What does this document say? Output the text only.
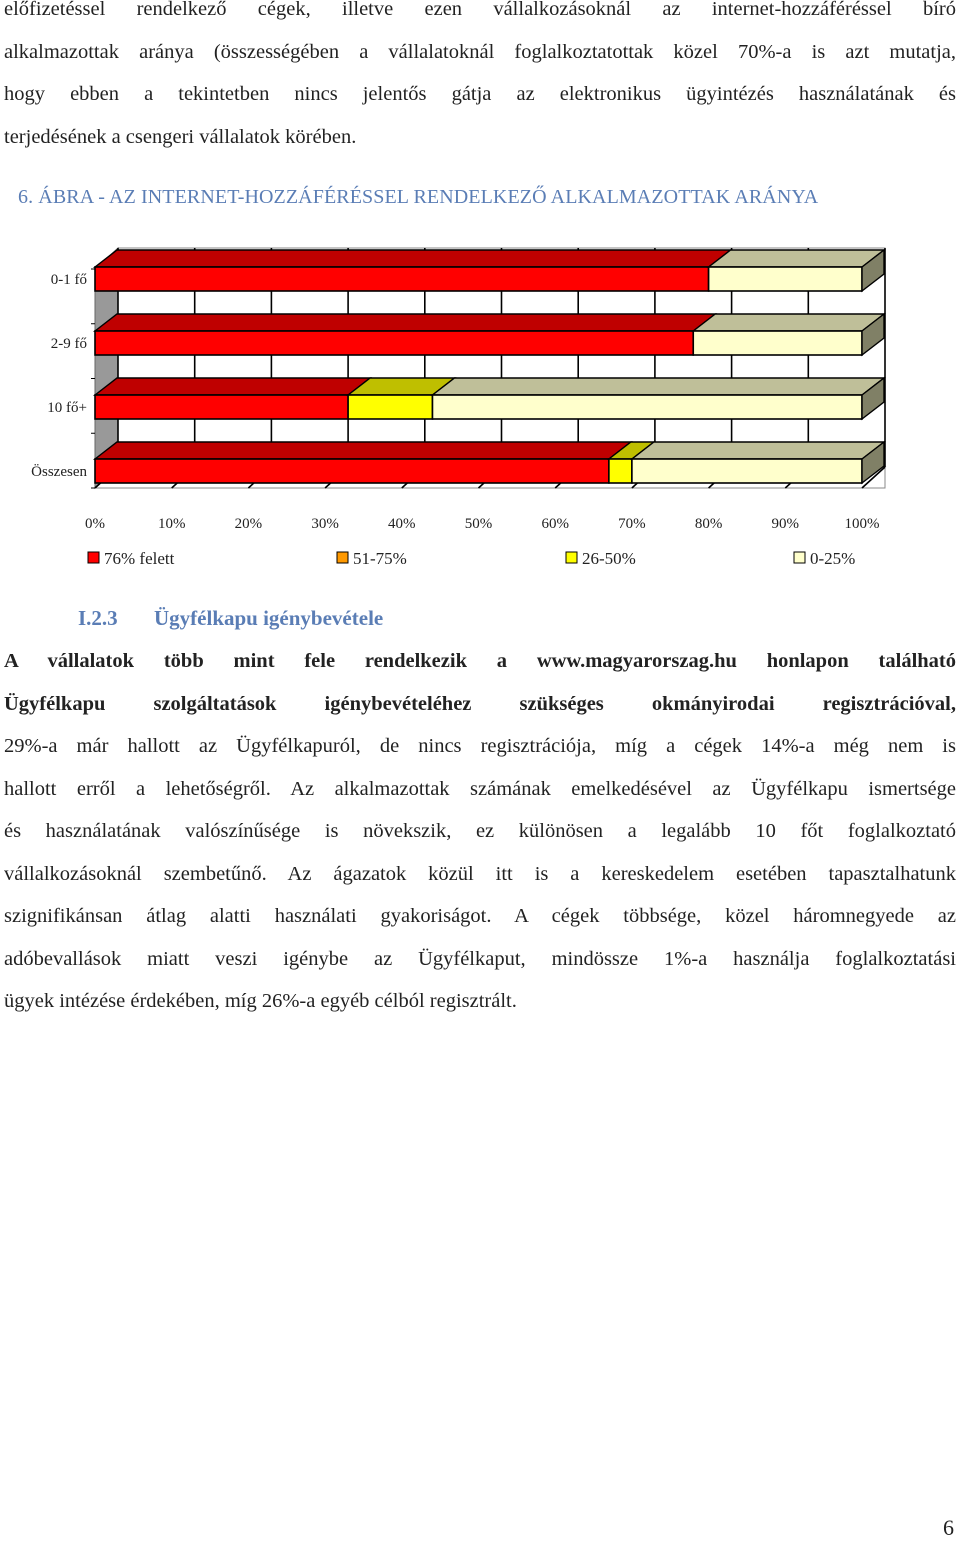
előfizetéssel rendelkező cégek, illetve ezen vállalkozásoknál az internet-hozzáféréssel bíró
alkalmazottak aránya (összességében a vállalatoknál foglalkoztatottak közel 70%-a is azt mutatja,
hogy ebben a tekintetben nincs jelentős gátja az elektronikus ügyintézés használatának és
terjedésének a csengeri vállalatok körében.
6. ÁBRA - AZ INTERNET-HOZZÁFÉRÉSSEL RENDELKEZŐ ALKALMAZOTTAK ARÁNYA
0-1 fő
2-9 fő
10 fő+
Összesen
0%	10%	20%	30%	40%	50%	60%	70%	80%	90%	100%
76% felett	51-75%	26-50%	0-25%
I.2.3 Ügyfélkapu igénybevétele
A vállalatok több mint fele rendelkezik a www.magyarorszag.hu honlapon található
Ügyfélkapu szolgáltatások igénybevételéhez szükséges okmányirodai regisztrációval,
29%-a már hallott az Ügyfélkapuról, de nincs regisztrációja, míg a cégek 14%-a még nem is
hallott erről a lehetőségről. Az alkalmazottak számának emelkedésével az Ügyfélkapu ismertsége
és használatának valószínűsége is növekszik, ez különösen a legalább 10 főt foglalkoztató
vállalkozásoknál szembetűnő. Az ágazatok közül itt is a kereskedelem esetében tapasztalhatunk
szignifikánsan átlag alatti használati gyakoriságot. A cégek többsége, közel háromnegyede az
adóbevallások miatt veszi igénybe az Ügyfélkaput, mindössze 1%-a használja foglalkoztatási
ügyek intézése érdekében, míg 26%-a egyéb célból regisztrált.
6
